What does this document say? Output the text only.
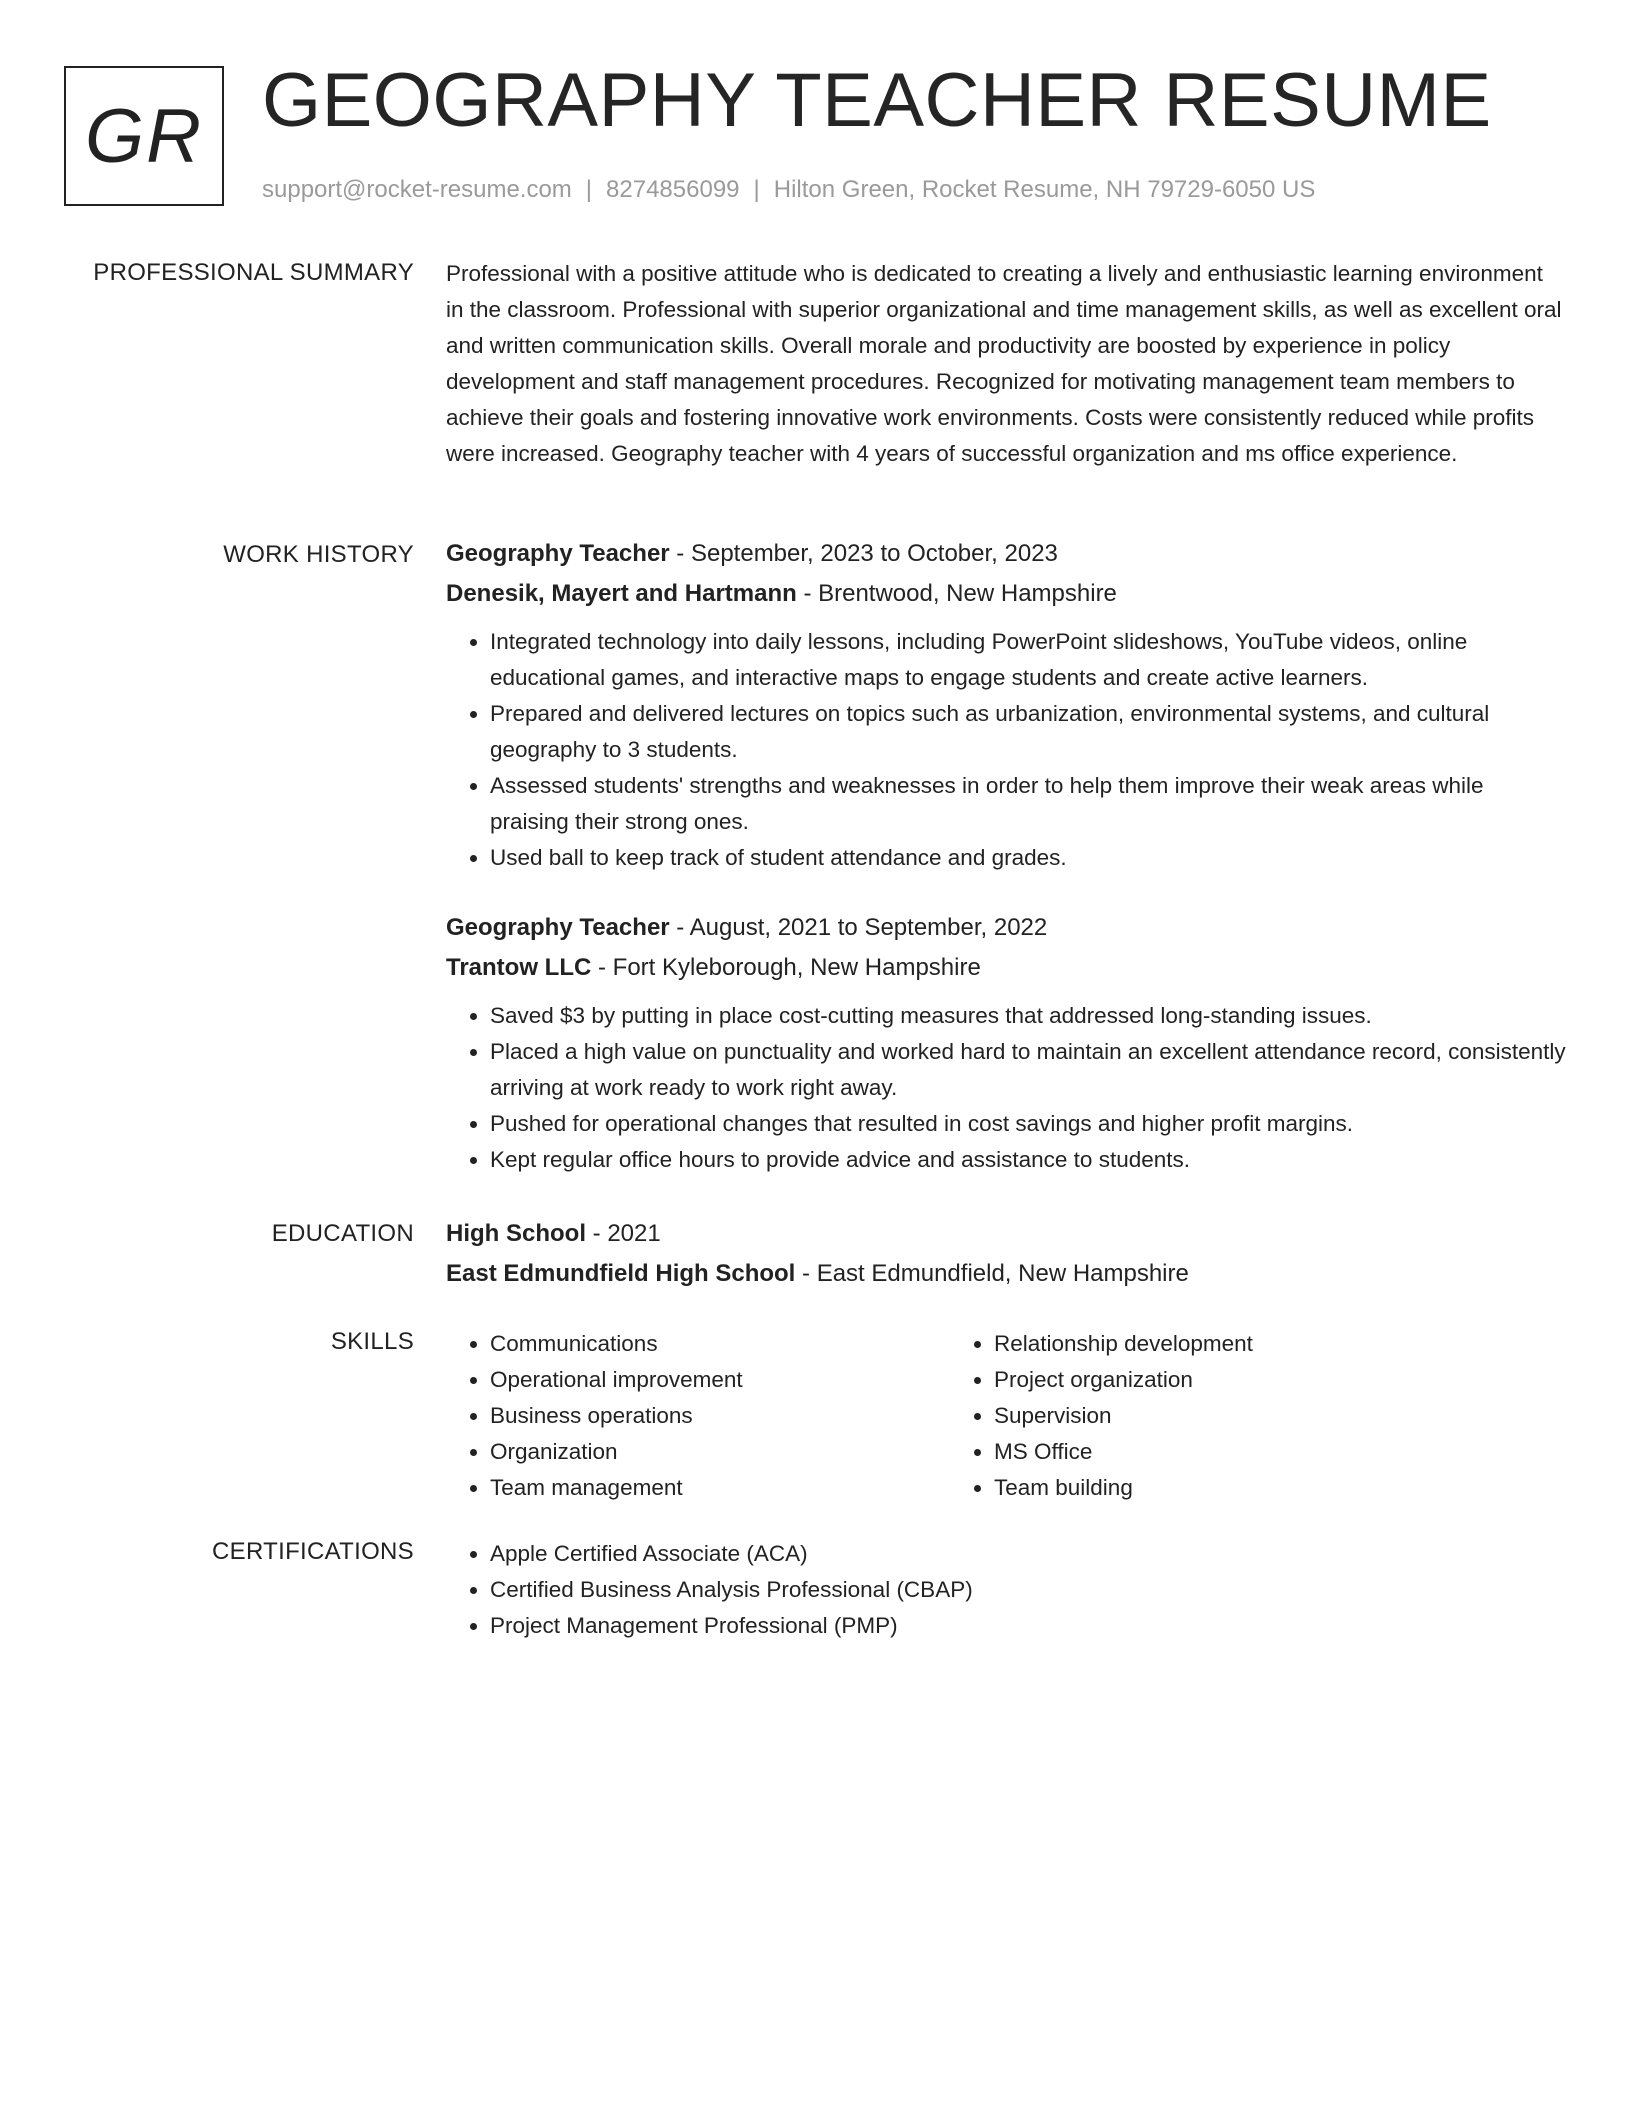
GR GEOGRAPHY TEACHER RESUME
support@rocket-resume.com | 8274856099 | Hilton Green, Rocket Resume, NH 79729-6050 US
PROFESSIONAL SUMMARY Professional with a positive attitude who is dedicated to creating a lively and enthusiastic learning environment in the classroom. Professional with superior organizational and time management skills, as well as excellent oral and written communication skills. Overall morale and productivity are boosted by experience in policy development and staff management procedures. Recognized for motivating management team members to achieve their goals and fostering innovative work environments. Costs were consistently reduced while profits were increased. Geography teacher with 4 years of successful organization and ms office experience.

WORK HISTORY Geography Teacher - September, 2023 to October, 2023

Denesik, Mayert and Hartmann - Brentwood, New Hampshire

• Integrated technology into daily lessons, including PowerPoint slideshows, YouTube videos, online educational games, and interactive maps to engage students and create active learners.
• Prepared and delivered lectures on topics such as urbanization, environmental systems, and cultural geography to 3 students.
• Assessed students' strengths and weaknesses in order to help them improve their weak areas while praising their strong ones.
• Used ball to keep track of student attendance and grades.

Geography Teacher - August, 2021 to September, 2022

Trantow LLC - Fort Kyleborough, New Hampshire

• Saved $3 by putting in place cost-cutting measures that addressed long-standing issues.
• Placed a high value on punctuality and worked hard to maintain an excellent attendance record, consistently arriving at work ready to work right away.
• Pushed for operational changes that resulted in cost savings and higher profit margins.
• Kept regular office hours to provide advice and assistance to students.
EDUCATION High School - 2021

East Edmundfield High School - East Edmundfield, New Hampshire

SKILLS	• Communications
• Operational improvement
• Business operations
• Organization
• Team management
• Relationship development
• Project organization
• Supervision
• MS Office
• Team building
CERTIFICATIONS	• Apple Certified Associate (ACA)
• Certified Business Analysis Professional (CBAP)
• Project Management Professional (PMP)
